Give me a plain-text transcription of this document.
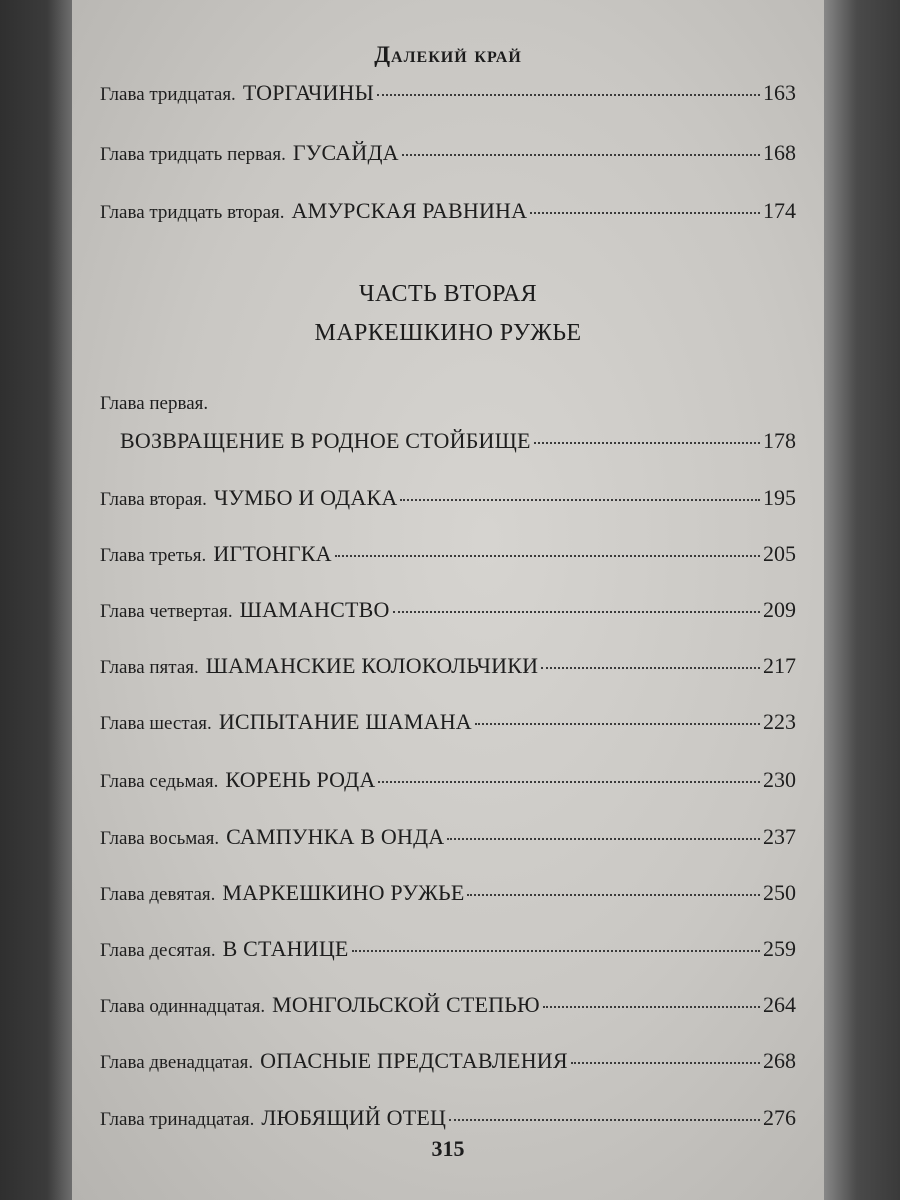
Далекий край
Глава тридцатая. ТОРГАЧИНЫ	163
Глава тридцать первая. ГУСАЙДА	168
Глава тридцать вторая. АМУРСКАЯ РАВНИНА	174
ЧАСТЬ ВТОРАЯ
МАРКЕШКИНО РУЖЬЕ
Глава первая.
ВОЗВРАЩЕНИЕ В РОДНОЕ СТОЙБИЩЕ	178
Глава вторая. ЧУМБО И ОДАКА	195
Глава третья. ИГТОНГКА	205
Глава четвертая. ШАМАНСТВО	209
Глава пятая. ШАМАНСКИЕ КОЛОКОЛЬЧИКИ	217
Глава шестая. ИСПЫТАНИЕ ШАМАНА	223
Глава седьмая. КОРЕНЬ РОДА	230
Глава восьмая. САМПУНКА В ОНДА	237
Глава девятая. МАРКЕШКИНО РУЖЬЕ	250
Глава десятая. В СТАНИЦЕ	259
Глава одиннадцатая. МОНГОЛЬСКОЙ СТЕПЬЮ	264
Глава двенадцатая. ОПАСНЫЕ ПРЕДСТАВЛЕНИЯ	268
Глава тринадцатая. ЛЮБЯЩИЙ ОТЕЦ	276
315
